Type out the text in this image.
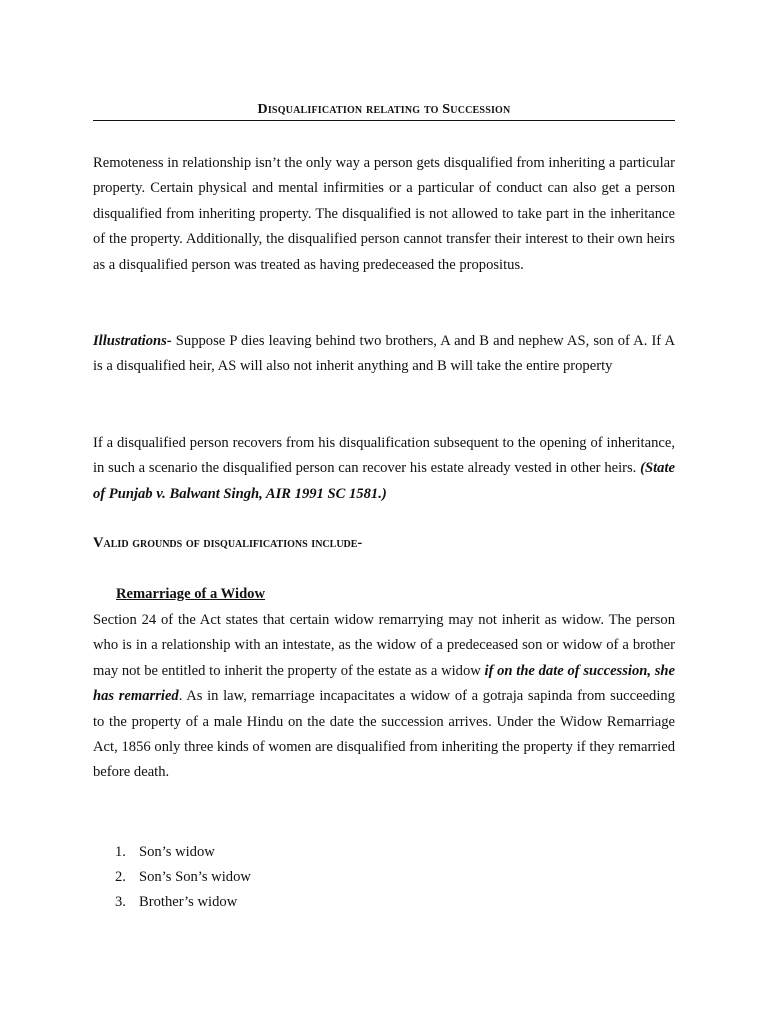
Disqualification relating to Succession

Remoteness in relationship isn’t the only way a person gets disqualified from inheriting a particular property. Certain physical and mental infirmities or a particular of conduct can also get a person disqualified from inheriting property. The disqualified is not allowed to take part in the inheritance of the property. Additionally, the disqualified person cannot transfer their interest to their own heirs as a disqualified person was treated as having predeceased the propositus.

Illustrations- Suppose P dies leaving behind two brothers, A and B and nephew AS, son of A. If A is a disqualified heir, AS will also not inherit anything and B will take the entire property

If a disqualified person recovers from his disqualification subsequent to the opening of inheritance, in such a scenario the disqualified person can recover his estate already vested in other heirs. (State of Punjab v. Balwant Singh, AIR 1991 SC 1581.)

Valid grounds of disqualifications include-
Remarriage of a Widow

Section 24 of the Act states that certain widow remarrying may not inherit as widow. The person who is in a relationship with an intestate, as the widow of a predeceased son or widow of a brother may not be entitled to inherit the property of the estate as a widow if on the date of succession, she has remarried. As in law, remarriage incapacitates a widow of a gotraja sapinda from succeeding to the property of a male Hindu on the date the succession arrives. Under the Widow Remarriage Act, 1856 only three kinds of women are disqualified from inheriting the property if they remarried before death.

1. Son’s widow
2. Son’s Son’s widow
3. Brother’s widow
